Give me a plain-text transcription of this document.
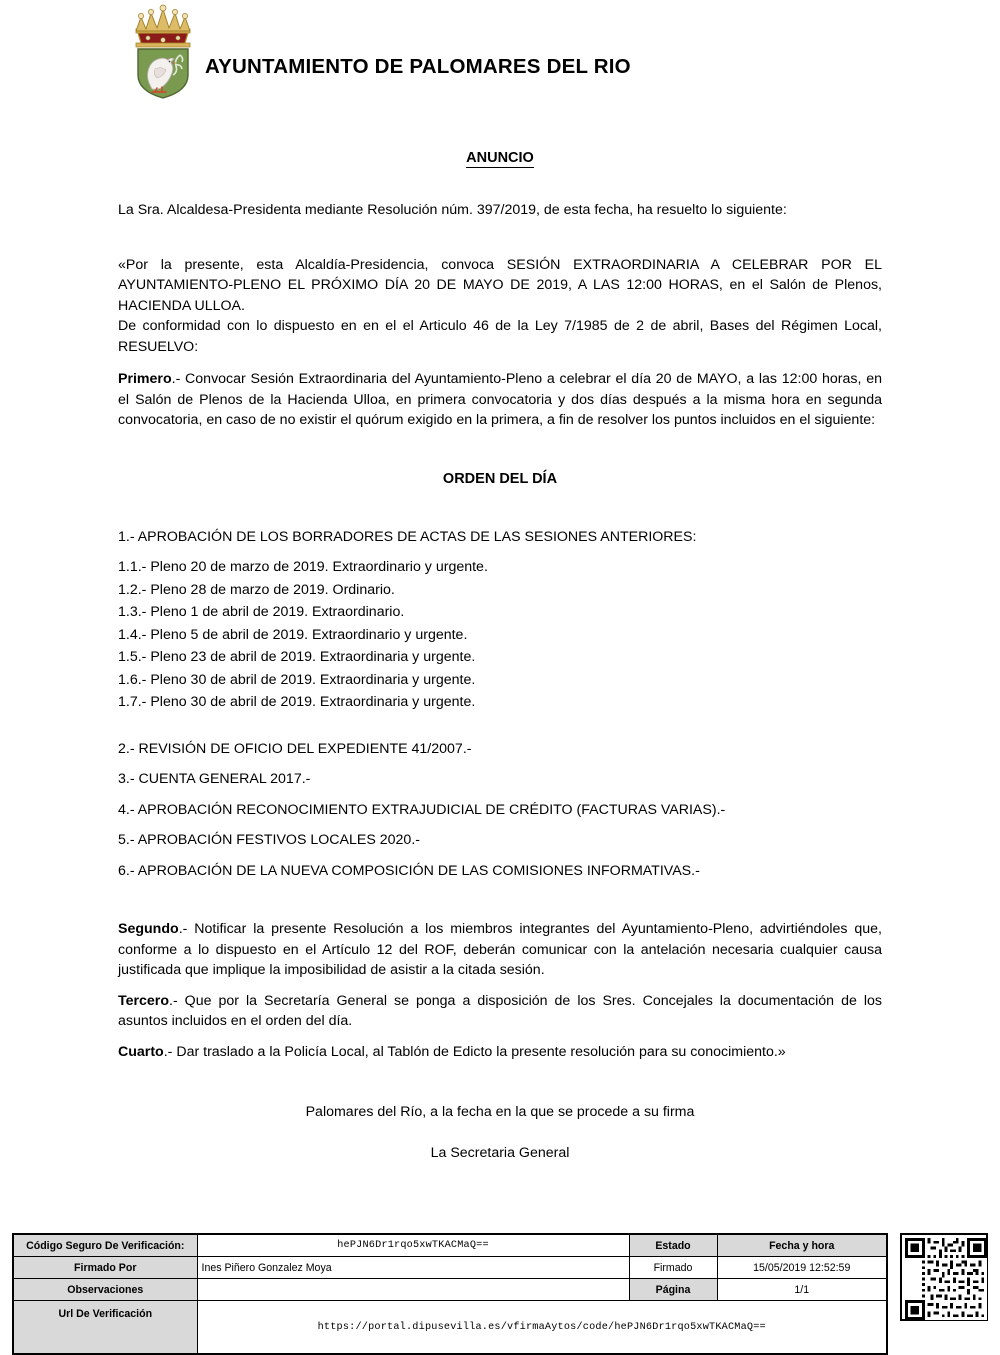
AYUNTAMIENTO DE PALOMARES DEL RIO
ANUNCIO

La Sra. Alcaldesa-Presidenta mediante Resolución núm. 397/2019, de esta fecha, ha resuelto lo siguiente:

«Por la presente, esta Alcaldía-Presidencia, convoca SESIÓN EXTRAORDINARIA A CELEBRAR POR EL AYUNTAMIENTO-PLENO EL PRÓXIMO DÍA 20 DE MAYO DE 2019, A LAS 12:00 HORAS, en el Salón de Plenos, HACIENDA ULLOA.

De conformidad con lo dispuesto en en el el Articulo 46 de la Ley 7/1985 de 2 de abril, Bases del Régimen Local, RESUELVO:

Primero.- Convocar Sesión Extraordinaria del Ayuntamiento-Pleno a celebrar el día 20 de MAYO, a las 12:00 horas, en el Salón de Plenos de la Hacienda Ulloa, en primera convocatoria y dos días después a la misma hora en segunda convocatoria, en caso de no existir el quórum exigido en la primera, a fin de resolver los puntos incluidos en el siguiente:

ORDEN DEL DÍA

1.- APROBACIÓN DE LOS BORRADORES DE ACTAS DE LAS SESIONES ANTERIORES:

1.1.- Pleno 20 de marzo de 2019. Extraordinario y urgente.

1.2.- Pleno 28 de marzo de 2019. Ordinario.

1.3.- Pleno 1 de abril de 2019. Extraordinario.

1.4.- Pleno 5 de abril de 2019. Extraordinario y urgente.

1.5.- Pleno 23 de abril de 2019. Extraordinaria y urgente.

1.6.- Pleno 30 de abril de 2019. Extraordinaria y urgente.

1.7.- Pleno 30 de abril de 2019. Extraordinaria y urgente.

2.- REVISIÓN DE OFICIO DEL EXPEDIENTE 41/2007.-

3.- CUENTA GENERAL 2017.-

4.- APROBACIÓN RECONOCIMIENTO EXTRAJUDICIAL DE CRÉDITO (FACTURAS VARIAS).-

5.- APROBACIÓN FESTIVOS LOCALES 2020.-

6.- APROBACIÓN DE LA NUEVA COMPOSICIÓN DE LAS COMISIONES INFORMATIVAS.-

Segundo.- Notificar la presente Resolución a los miembros integrantes del Ayuntamiento-Pleno, advirtiéndoles que, conforme a lo dispuesto en el Artículo 12 del ROF, deberán comunicar con la antelación necesaria cualquier causa justificada que implique la imposibilidad de asistir a la citada sesión.

Tercero.- Que por la Secretaría General se ponga a disposición de los Sres. Concejales la documentación de los asuntos incluidos en el orden del día.

Cuarto.- Dar traslado a la Policía Local, al Tablón de Edicto la presente resolución para su conocimiento.»

Palomares del Río, a la fecha en la que se procede a su firma

La Secretaria General

Código Seguro De Verificación:	hePJN6Dr1rqo5xwTKACMaQ==	Estado	Fecha y hora
Firmado Por	Ines Piñero Gonzalez Moya	Firmado	15/05/2019 12:52:59
Observaciones		Página	1/1
Url De Verificación	https://portal.dipusevilla.es/vfirmaAytos/code/hePJN6Dr1rqo5xwTKACMaQ==		
